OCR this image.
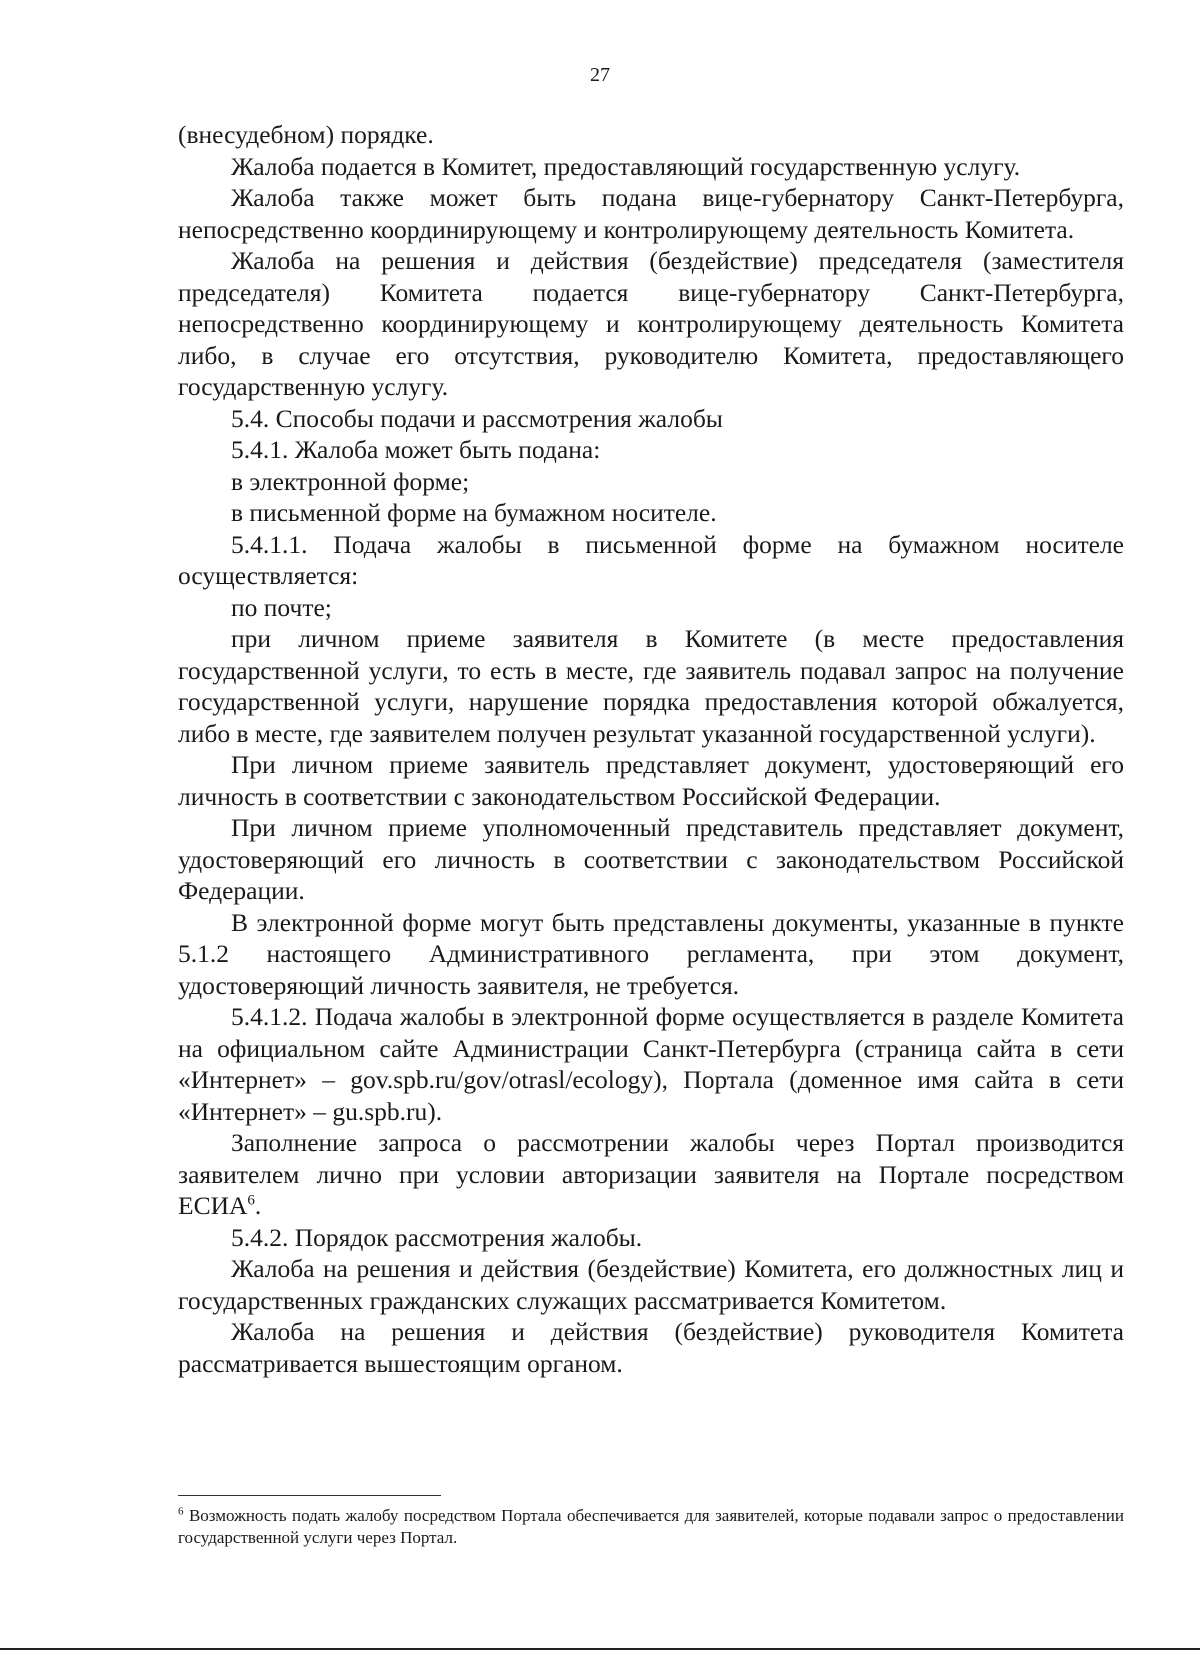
27

(внесудебном) порядке.

Жалоба подается в Комитет, предоставляющий государственную услугу.

Жалоба также может быть подана вице-губернатору Санкт-Петербурга, непосредственно координирующему и контролирующему деятельность Комитета.

Жалоба на решения и действия (бездействие) председателя (заместителя председателя) Комитета подается вице-губернатору Санкт-Петербурга, непосредственно координирующему и контролирующему деятельность Комитета либо, в случае его отсутствия, руководителю Комитета, предоставляющего государственную услугу.

5.4. Способы подачи и рассмотрения жалобы

5.4.1. Жалоба может быть подана:

в электронной форме;

в письменной форме на бумажном носителе.

5.4.1.1. Подача жалобы в письменной форме на бумажном носителе осуществляется:

по почте;

при личном приеме заявителя в Комитете (в месте предоставления государственной услуги, то есть в месте, где заявитель подавал запрос на получение государственной услуги, нарушение порядка предоставления которой обжалуется, либо в месте, где заявителем получен результат указанной государственной услуги).

При личном приеме заявитель представляет документ, удостоверяющий его личность в соответствии с законодательством Российской Федерации.

При личном приеме уполномоченный представитель представляет документ, удостоверяющий его личность в соответствии с законодательством Российской Федерации.

В электронной форме могут быть представлены документы, указанные в пункте 5.1.2 настоящего Административного регламента, при этом документ, удостоверяющий личность заявителя, не требуется.

5.4.1.2. Подача жалобы в электронной форме осуществляется в разделе Комитета на официальном сайте Администрации Санкт-Петербурга (страница сайта в сети «Интернет» – gov.spb.ru/gov/otrasl/ecology), Портала (доменное имя сайта в сети «Интернет» – gu.spb.ru).

Заполнение запроса о рассмотрении жалобы через Портал производится заявителем лично при условии авторизации заявителя на Портале посредством ЕСИА$^6$.

5.4.2. Порядок рассмотрения жалобы.

Жалоба на решения и действия (бездействие) Комитета, его должностных лиц и государственных гражданских служащих рассматривается Комитетом.

Жалоба на решения и действия (бездействие) руководителя Комитета рассматривается вышестоящим органом.

$^6$ Возможность подать жалобу посредством Портала обеспечивается для заявителей, которые подавали запрос о предоставлении государственной услуги через Портал.
